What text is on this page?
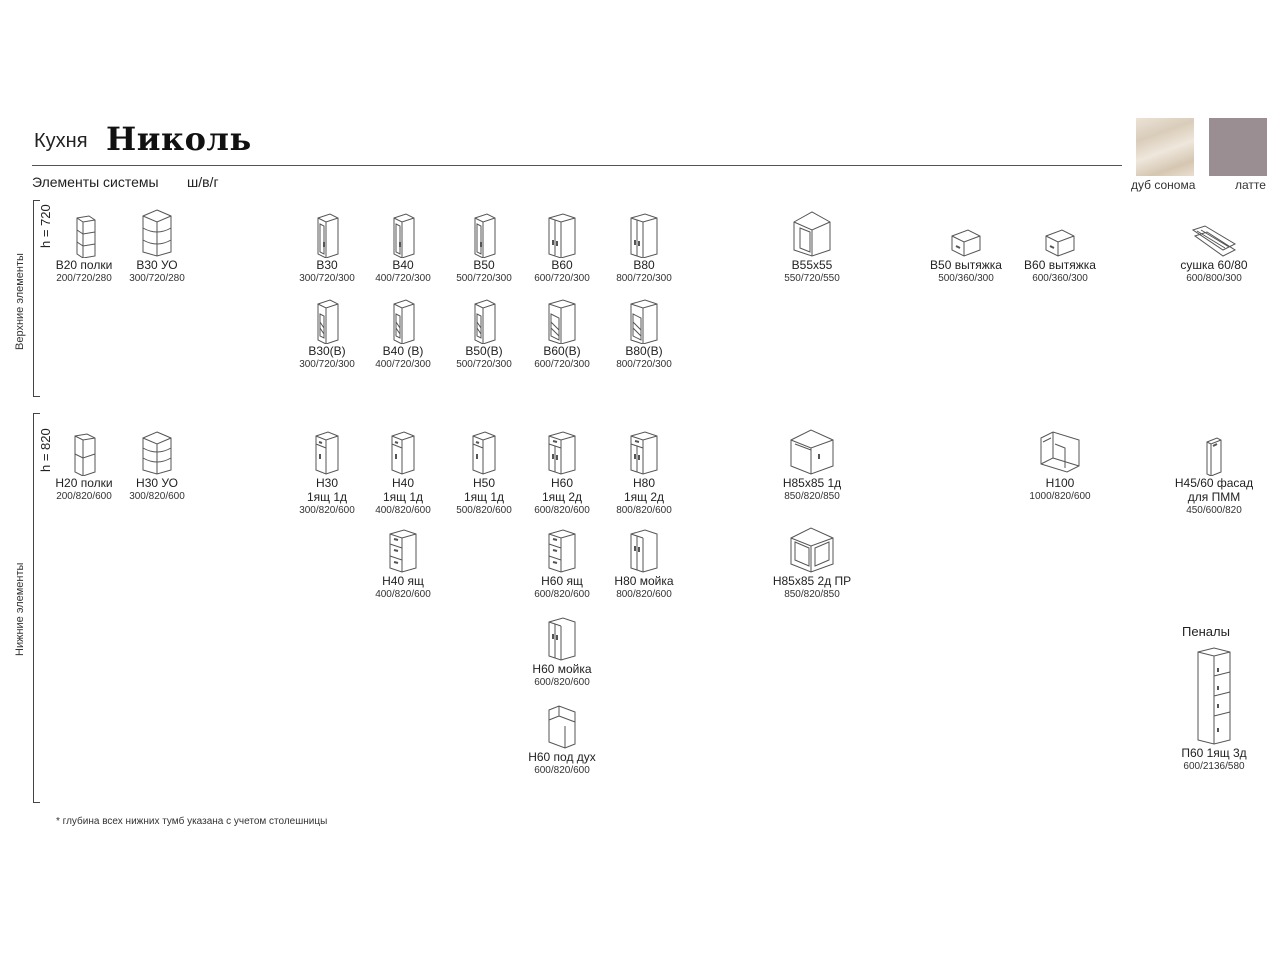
Кухня Николь
Элементы системы ш/в/г	дуб сонома	латте
Верхние элементы
h = 720
Нижние элементы
h = 820
В20 полки
200/720/280
В30 УО
300/720/280
В30
300/720/300
В40
400/720/300
В50
500/720/300
В60
600/720/300
В80
800/720/300
В55х55
550/720/550
В50 вытяжка
500/360/300
В60 вытяжка
600/360/300
сушка 60/80
600/800/300
В30(В)
300/720/300
В40 (В)
400/720/300
В50(В)
500/720/300
В60(В)
600/720/300
В80(В)
800/720/300
Н20 полки
200/820/600
Н30 УО
300/820/600
Н30
1ящ 1д
300/820/600
Н40
1ящ 1д
400/820/600
Н50
1ящ 1д
500/820/600
Н60
1ящ 2д
600/820/600
Н80
1ящ 2д
800/820/600
Н85х85 1д
850/820/850
Н100
1000/820/600
Н45/60 фасад
для ПММ
450/600/820
Н40 ящ
400/820/600
Н60 ящ
600/820/600
Н80 мойка
800/820/600
Н85х85 2д ПР
850/820/850
Н60 мойка
600/820/600
Н60 под дух
600/820/600
П60 1ящ 3д
600/2136/580
Пеналы
* глубина всех нижних тумб указана с учетом столешницы
